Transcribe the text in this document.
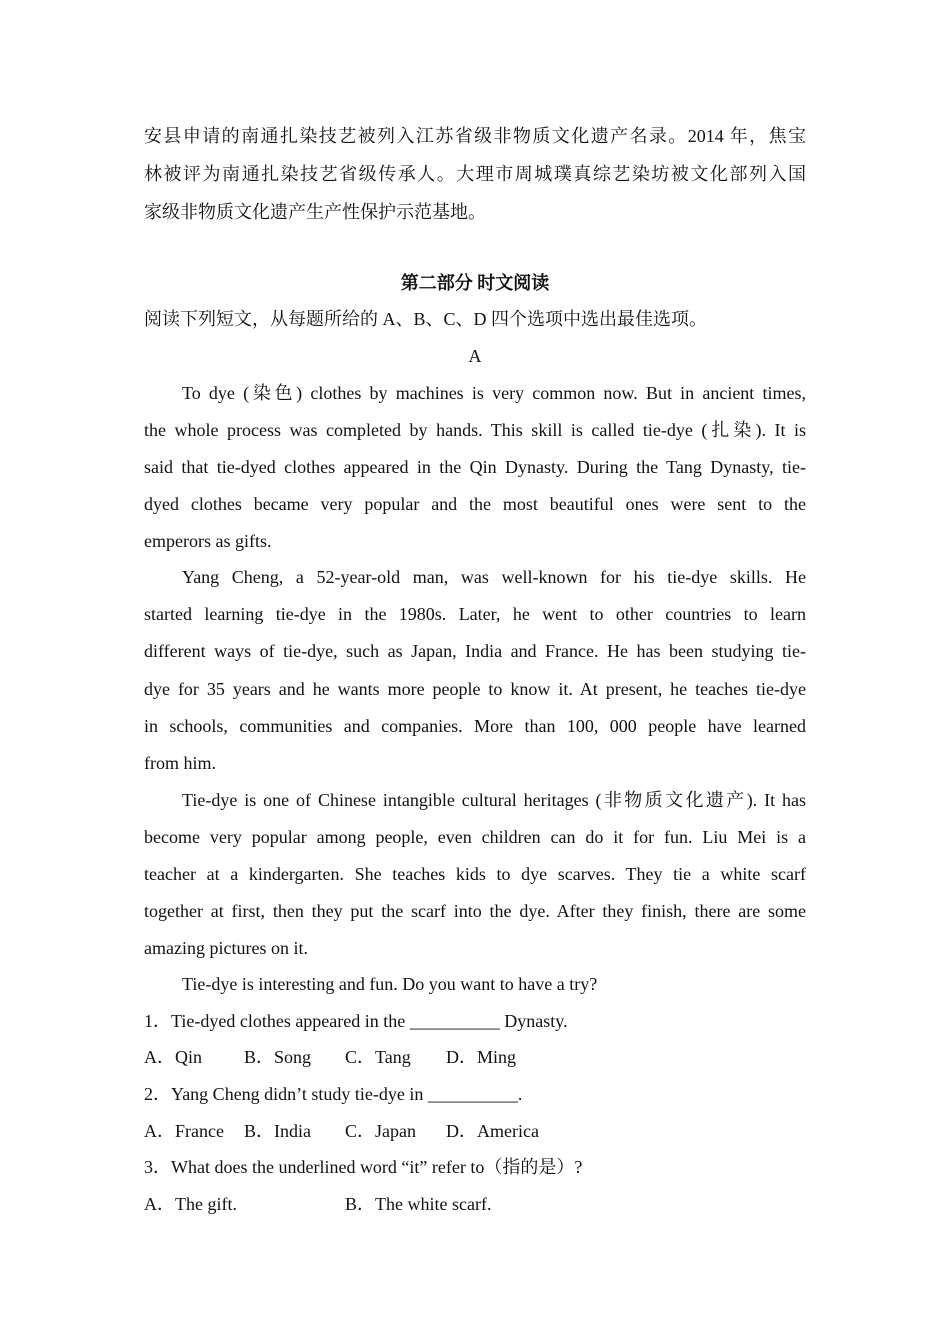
安县申请的南通扎染技艺被列入江苏省级非物质文化遗产名录。2014 年，焦宝
林被评为南通扎染技艺省级传承人。大理市周城璞真综艺染坊被文化部列入国
家级非物质文化遗产生产性保护示范基地。
第二部分 时文阅读
阅读下列短文，从每题所给的 A、B、C、D 四个选项中选出最佳选项。
A
To dye (染色) clothes by machines is very common now. But in ancient times,
the whole process was completed by hands. This skill is called tie-dye (扎染). It is
said that tie-dyed clothes appeared in the Qin Dynasty. During the Tang Dynasty, tie-
dyed clothes became very popular and the most beautiful ones were sent to the
emperors as gifts.
Yang Cheng, a 52-year-old man, was well-known for his tie-dye skills. He
started learning tie-dye in the 1980s. Later, he went to other countries to learn
different ways of tie-dye, such as Japan, India and France. He has been studying tie-
dye for 35 years and he wants more people to know it. At present, he teaches tie-dye
in schools, communities and companies. More than 100, 000 people have learned
from him.
Tie-dye is one of Chinese intangible cultural heritages (非物质文化遗产). It has
become very popular among people, even children can do it for fun. Liu Mei is a
teacher at a kindergarten. She teaches kids to dye scarves. They tie a white scarf
together at first, then they put the scarf into the dye. After they finish, there are some
amazing pictures on it.
Tie-dye is interesting and fun. Do you want to have a try?
1．Tie-dyed clothes appeared in the __________ Dynasty.
A．Qin B．Song C．Tang D．Ming
2．Yang Cheng didn’t study tie-dye in __________.
A．France B．India C．Japan D．America
3．What does the underlined word “it” refer to（指的是）?
A．The gift.	B．The white scarf.
